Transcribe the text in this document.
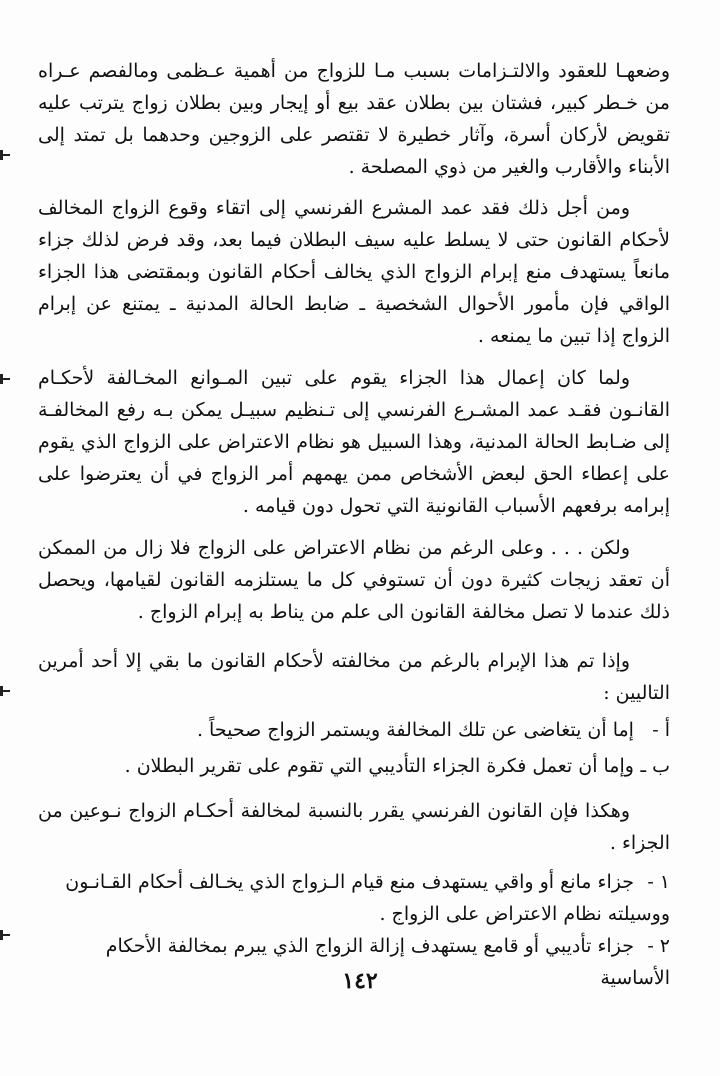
وضعهـا للعقود والالتـزامات بسبب مـا للزواج من أهمية عـظمى ومالفصم عـراه من خـطر كبير، فشتان بين بطلان عقد بيع أو إيجار وبين بطلان زواج يترتب عليه تقويض لأركان أسرة، وآثار خطيرة لا تقتصر على الزوجين وحدهما بل تمتد إلى الأبناء والأقارب والغير من ذوي المصلحة .

ومن أجل ذلك فقد عمد المشرع الفرنسي إلى اتقاء وقوع الزواج المخالف لأحكام القانون حتى لا يسلط عليه سيف البطلان فيما بعد، وقد فرض لذلك جزاء مانعاً يستهدف منع إبرام الزواج الذي يخالف أحكام القانون وبمقتضى هذا الجزاء الواقي فإن مأمور الأحوال الشخصية ـ ضابط الحالة المدنية ـ يمتنع عن إبرام الزواج إذا تبين ما يمنعه .

ولما كان إعمال هذا الجزاء يقوم على تبين المـوانع المخـالفة لأحكـام القانـون فقـد عمد المشـرع الفرنسي إلى تـنظيم سبيـل يمكن بـه رفع المخالفـة إلى ضـابط الحالة المدنية، وهذا السبيل هو نظام الاعتراض على الزواج الذي يقوم على إعطاء الحق لبعض الأشخاص ممن يهمهم أمر الزواج في أن يعترضوا على إبرامه برفعهم الأسباب القانونية التي تحول دون قيامه .

ولكن . . . وعلى الرغم من نظام الاعتراض على الزواج فلا زال من الممكن أن تعقد زيجات كثيرة دون أن تستوفي كل ما يستلزمه القانون لقيامها، ويحصل ذلك عندما لا تصل مخالفة القانون الى علم من يناط به إبرام الزواج .

وإذا تم هذا الإبرام بالرغم من مخالفته لأحكام القانون ما بقي إلا أحد أمرين التاليين :

أ - إما أن يتغاضى عن تلك المخالفة ويستمر الزواج صحيحاً .

ب ـ وإما أن تعمل فكرة الجزاء التأديبي التي تقوم على تقرير البطلان .

وهكذا فإن القانون الفرنسي يقرر بالنسبة لمخالفة أحكـام الزواج نـوعين من الجزاء .

١ - جزاء مانع أو واقي يستهدف منع قيام الـزواج الذي يخـالف أحكام القـانـون ووسيلته نظام الاعتراض على الزواج .

٢ - جزاء تأديبي أو قامع يستهدف إزالة الزواج الذي يبرم بمخالفة الأحكام الأساسية

١٤٢
